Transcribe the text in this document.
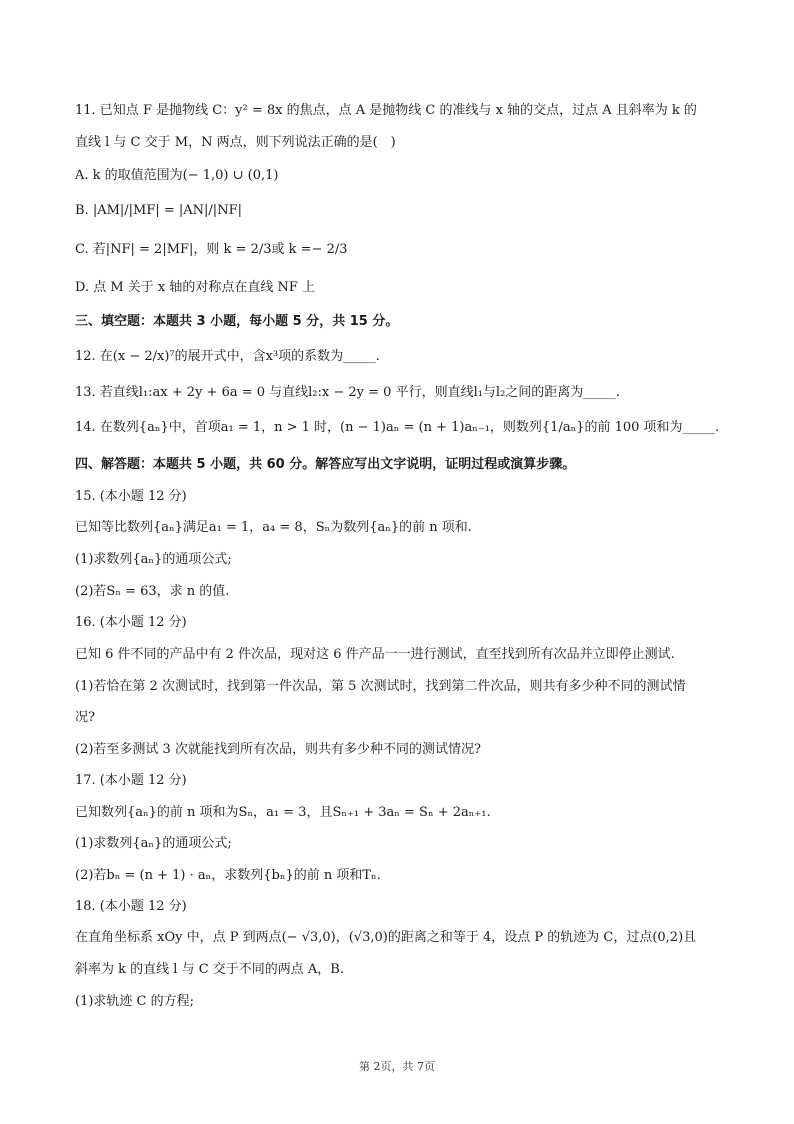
11. 已知点 F 是抛物线 C：y² = 8x 的焦点，点 A 是抛物线 C 的准线与 x 轴的交点，过点 A 且斜率为 k 的
直线 l 与 C 交于 M，N 两点，则下列说法正确的是(　)
A. k 的取值范围为(− 1,0) ∪ (0,1)
B. |AM|/|MF| = |AN|/|NF|
C. 若|NF| = 2|MF|，则 k = 2/3或 k =− 2/3
D. 点 M 关于 x 轴的对称点在直线 NF 上
三、填空题：本题共 3 小题，每小题 5 分，共 15 分。
12. 在(x − 2/x)⁷的展开式中，含x³项的系数为_____.
13. 若直线l₁:ax + 2y + 6a = 0 与直线l₂:x − 2y = 0 平行，则直线l₁与l₂之间的距离为_____.
14. 在数列{aₙ}中，首项a₁ = 1，n > 1 时，(n − 1)aₙ = (n + 1)aₙ₋₁，则数列{1/aₙ}的前 100 项和为_____.
四、解答题：本题共 5 小题，共 60 分。解答应写出文字说明，证明过程或演算步骤。
15. (本小题 12 分)
已知等比数列{aₙ}满足a₁ = 1，a₄ = 8，Sₙ为数列{aₙ}的前 n 项和.
(1)求数列{aₙ}的通项公式;
(2)若Sₙ = 63，求 n 的值.
16. (本小题 12 分)
已知 6 件不同的产品中有 2 件次品，现对这 6 件产品一一进行测试，直至找到所有次品并立即停止测试.
(1)若恰在第 2 次测试时，找到第一件次品，第 5 次测试时，找到第二件次品，则共有多少种不同的测试情
况?
(2)若至多测试 3 次就能找到所有次品，则共有多少种不同的测试情况?
17. (本小题 12 分)
已知数列{aₙ}的前 n 项和为Sₙ，a₁ = 3，且Sₙ₊₁ + 3aₙ = Sₙ + 2aₙ₊₁.
(1)求数列{aₙ}的通项公式;
(2)若bₙ = (n + 1) · aₙ，求数列{bₙ}的前 n 项和Tₙ.
18. (本小题 12 分)
在直角坐标系 xOy 中，点 P 到两点(− √3,0)，(√3,0)的距离之和等于 4，设点 P 的轨迹为 C，过点(0,2)且
斜率为 k 的直线 l 与 C 交于不同的两点 A，B.
(1)求轨迹 C 的方程;
第 2页，共 7页
